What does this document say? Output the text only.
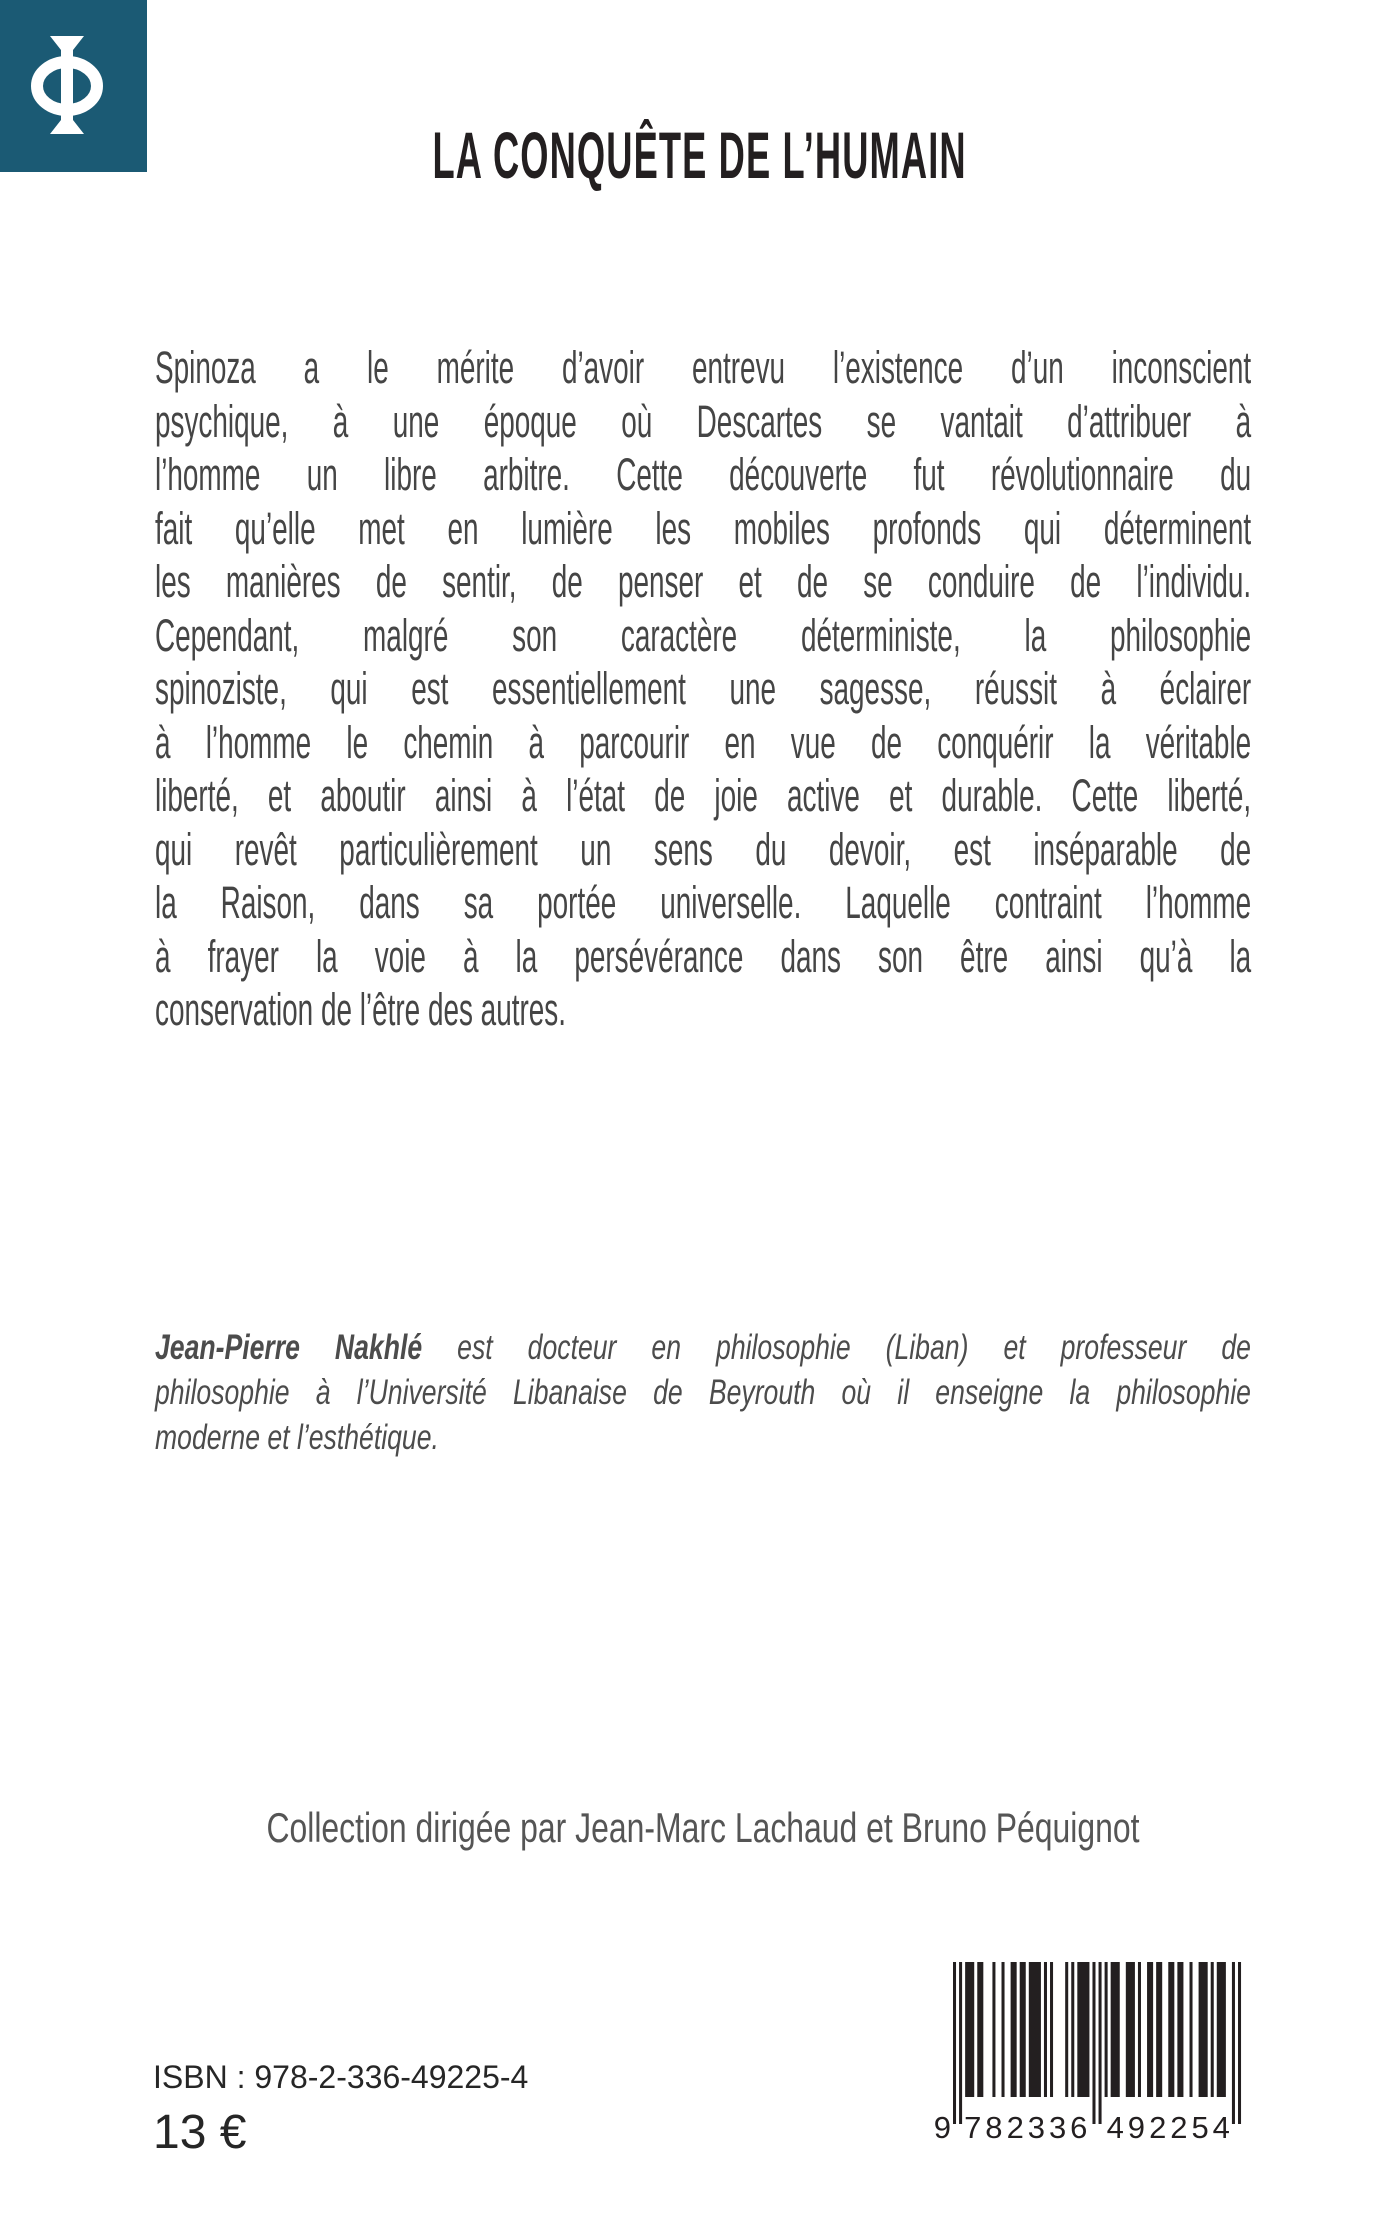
LA CONQUÊTE DE L’HUMAIN
Spinoza a le mérite d’avoir entrevu l’existence d’un inconscient
psychique, à une époque où Descartes se vantait d’attribuer à
l’homme un libre arbitre. Cette découverte fut révolutionnaire du
fait qu’elle met en lumière les mobiles profonds qui déterminent
les manières de sentir, de penser et de se conduire de l’individu.
Cependant, malgré son caractère déterministe, la philosophie
spinoziste, qui est essentiellement une sagesse, réussit à éclairer
à l’homme le chemin à parcourir en vue de conquérir la véritable
liberté, et aboutir ainsi à l’état de joie active et durable. Cette liberté,
qui revêt particulièrement un sens du devoir, est inséparable de
la Raison, dans sa portée universelle. Laquelle contraint l’homme
à frayer la voie à la persévérance dans son être ainsi qu’à la
conservation de l’être des autres.
Jean-Pierre Nakhlé est docteur en philosophie (Liban) et professeur de
philosophie à l’Université Libanaise de Beyrouth où il enseigne la philosophie
moderne et l’esthétique.
Collection dirigée par Jean-Marc Lachaud et Bruno Péquignot
9 7 8 2 3 3 6 4 9 2 2 5 4
ISBN : 978-2-336-49225-4
13 €
